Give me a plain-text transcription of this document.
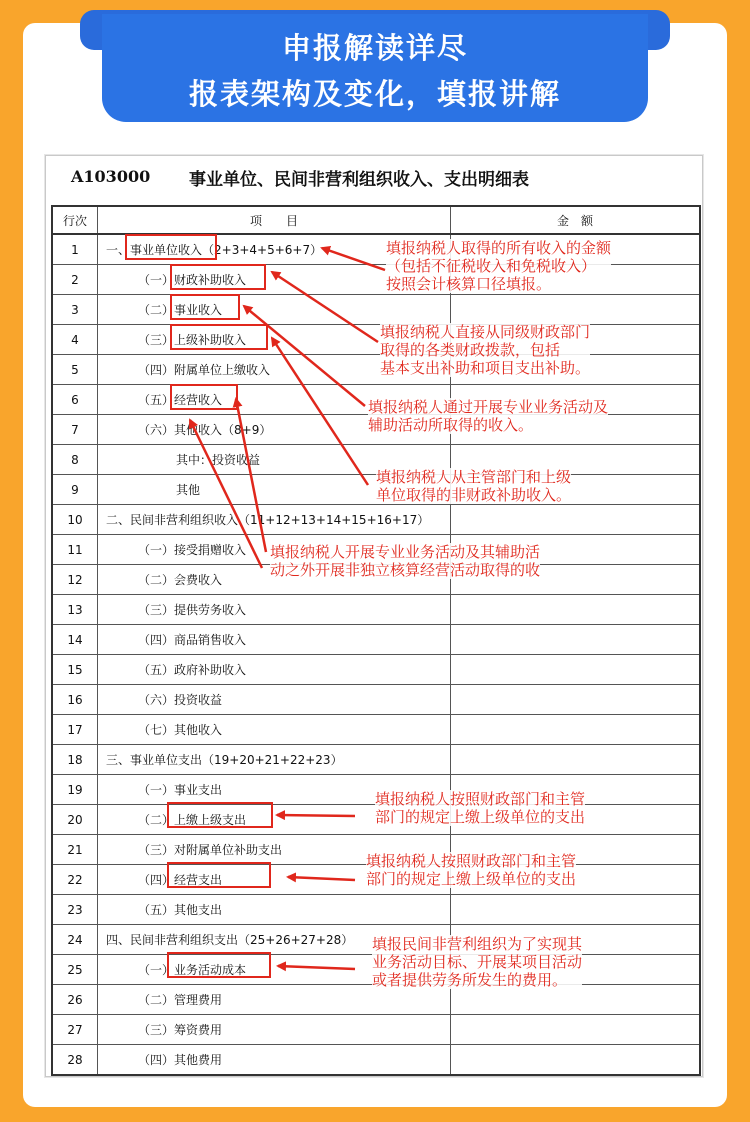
申报解读详尽
报表架构及变化，填报讲解
A103000 事业单位、民间非营利组织收入、支出明细表
行次	项　　目	金　额
1	一、事业单位收入（2+3+4+5+6+7）	
2	（一）财政补助收入	
3	（二）事业收入	
4	（三）上级补助收入	
5	（四）附属单位上缴收入	
6	（五）经营收入	
7	（六）其他收入（8+9）	
8	其中：投资收益	
9	其他	
10	二、民间非营利组织收入（11+12+13+14+15+16+17）	
11	（一）接受捐赠收入	
12	（二）会费收入	
13	（三）提供劳务收入	
14	（四）商品销售收入	
15	（五）政府补助收入	
16	（六）投资收益	
17	（七）其他收入	
18	三、事业单位支出（19+20+21+22+23）	
19	（一）事业支出	
20	（二）上缴上级支出	
21	（三）对附属单位补助支出	
22	（四）经营支出	
23	（五）其他支出	
24	四、民间非营利组织支出（25+26+27+28）	
25	（一）业务活动成本	
26	（二）管理费用	
27	（三）筹资费用	
28	（四）其他费用	
填报纳税人取得的所有收入的金额
（包括不征税收入和免税收入）
按照会计核算口径填报。
填报纳税人直接从同级财政部门
取得的各类财政拨款，包括
基本支出补助和项目支出补助。
填报纳税人通过开展专业业务活动及
辅助活动所取得的收入。
填报纳税人从主管部门和上级
单位取得的非财政补助收入。
填报纳税人开展专业业务活动及其辅助活
动之外开展非独立核算经营活动取得的收
填报纳税人按照财政部门和主管
部门的规定上缴上级单位的支出
填报纳税人按照财政部门和主管
部门的规定上缴上级单位的支出
填报民间非营利组织为了实现其
业务活动目标、开展某项目活动
或者提供劳务所发生的费用。
